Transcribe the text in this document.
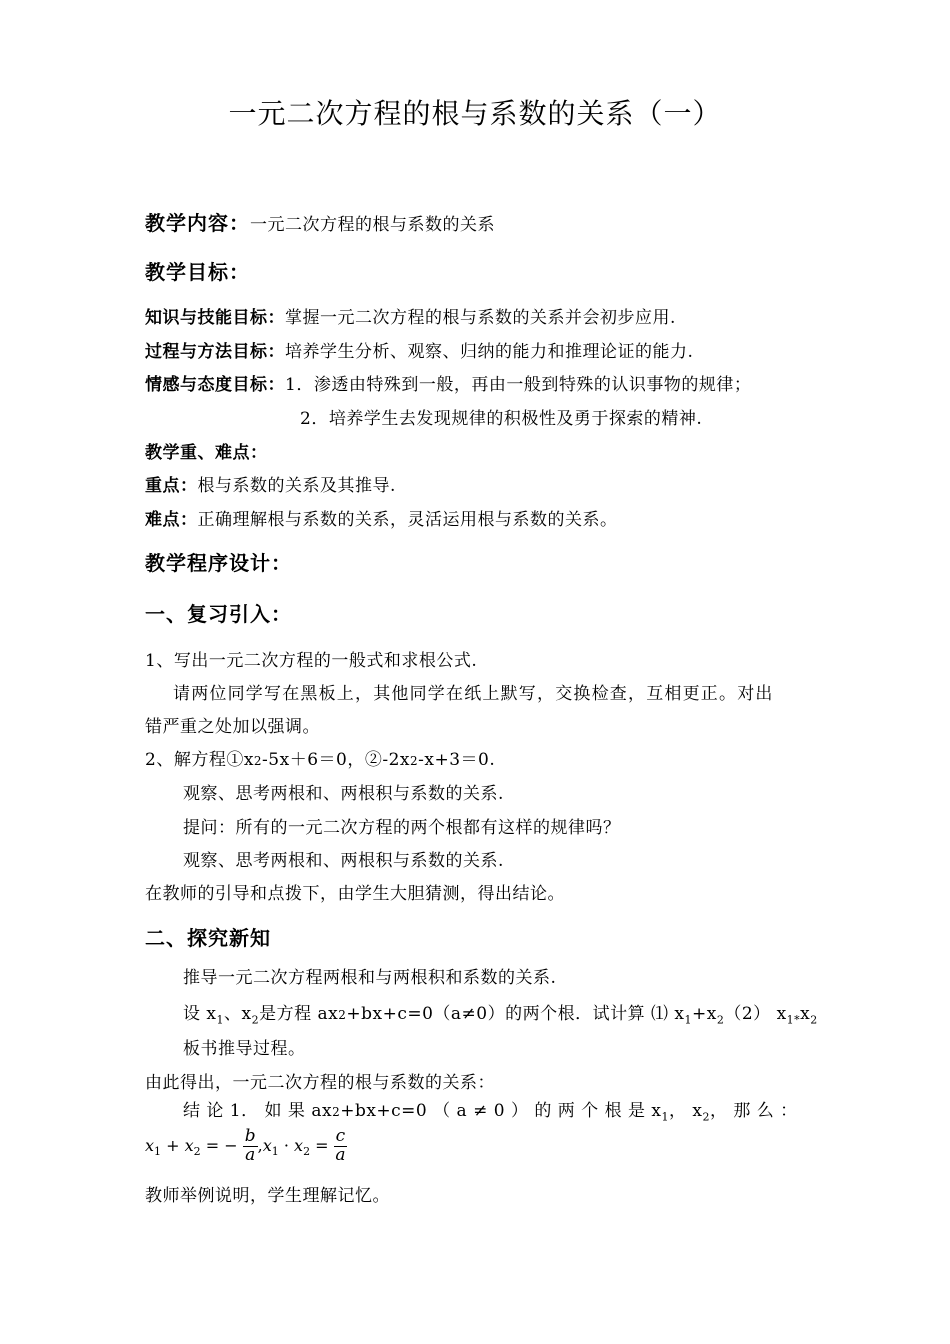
一元二次方程的根与系数的关系（一）
教学内容：一元二次方程的根与系数的关系
教学目标：
知识与技能目标：掌握一元二次方程的根与系数的关系并会初步应用.
过程与方法目标：培养学生分析、观察、归纳的能力和推理论证的能力.
情感与态度目标：1．渗透由特殊到一般，再由一般到特殊的认识事物的规律；
2．培养学生去发现规律的积极性及勇于探索的精神.
教学重、难点：
重点：根与系数的关系及其推导.
难点：正确理解根与系数的关系，灵活运用根与系数的关系。
教学程序设计：
一、复习引入：
1、写出一元二次方程的一般式和求根公式.
请两位同学写在黑板上，其他同学在纸上默写，交换检查，互相更正。对出
错严重之处加以强调。
2、解方程①x2-5x＋6＝0，②-2x2-x+3＝0.
观察、思考两根和、两根积与系数的关系.
提问：所有的一元二次方程的两个根都有这样的规律吗？
观察、思考两根和、两根积与系数的关系.
在教师的引导和点拨下，由学生大胆猜测，得出结论。
二、探究新知
推导一元二次方程两根和与两根积和系数的关系.
设 $x_1$、$x_2$是方程 ax2+bx+c=0（a≠0）的两个根．试计算 ⑴ $x_1+x_2(2)$ $x_{1*}x_2$
板书推导过程。
由此得出，一元二次方程的根与系数的关系：
结 论 1． 如 果 ax2+bx+c=0 （ a ≠ 0 ） 的 两 个 根 是 $x_1$， $x_2$， 那 么 ：
$x_1 + x_2$ = − $\frac{b}{a} ,x_1 \cdot x_2 = \frac{c}{a}$
教师举例说明，学生理解记忆。
